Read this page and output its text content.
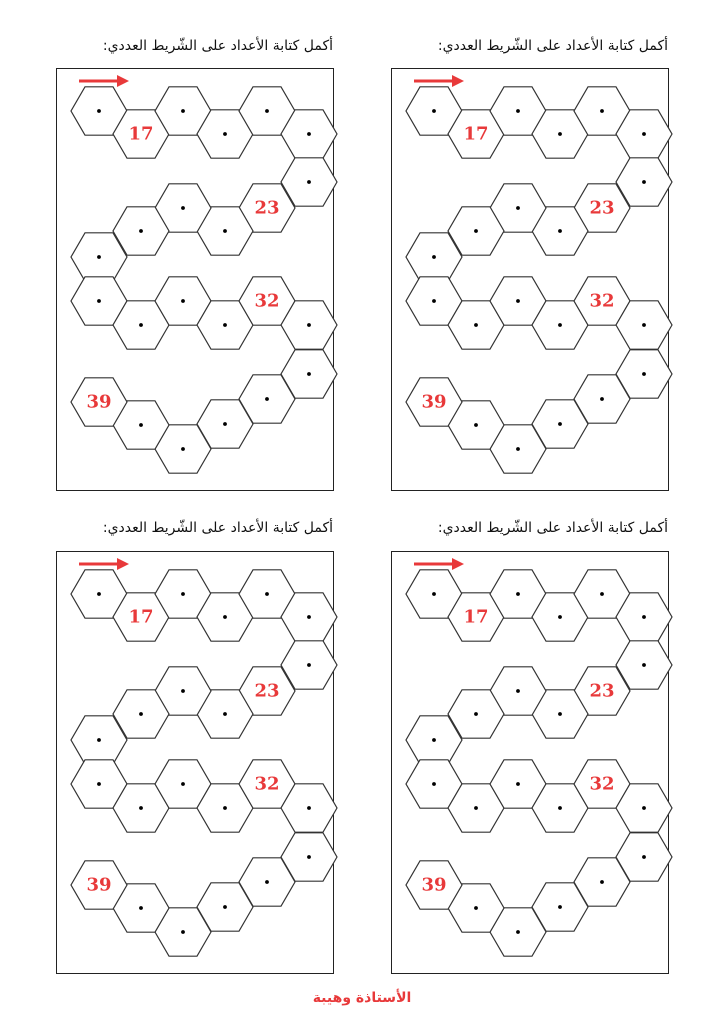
أكمل كتابة الأعداد على الشّريط العددي:
17
23
32
39
أكمل كتابة الأعداد على الشّريط العددي:
17
23
32
39
أكمل كتابة الأعداد على الشّريط العددي:
17
23
32
39
أكمل كتابة الأعداد على الشّريط العددي:
17
23
32
39
الأستاذة وهيبة
